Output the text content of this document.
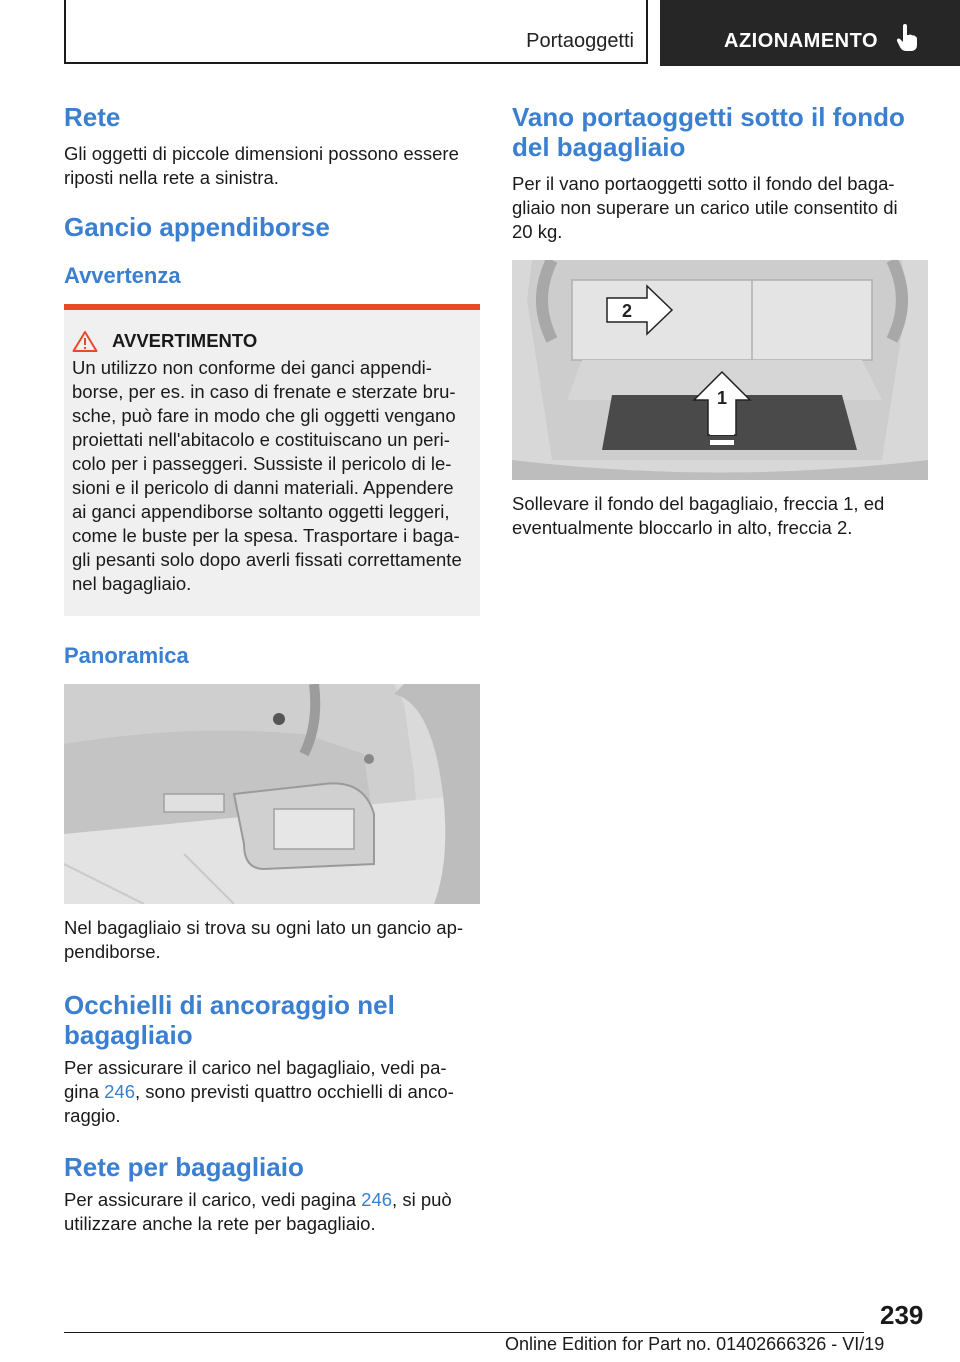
Portaoggetti	AZIONAMENTO
Rete

Gli oggetti di piccole dimensioni possono essere riposti nella rete a sinistra.

Gancio appendiborse
Avvertenza
AVVERTIMENTO

Un utilizzo non conforme dei ganci appendi-

borse, per es. in caso di frenate e sterzate bru-

sche, può fare in modo che gli oggetti vengano

proiettati nell'abitacolo e costituiscano un peri-

colo per i passeggeri. Sussiste il pericolo di le-

sioni e il pericolo di danni materiali. Appendere

ai ganci appendiborse soltanto oggetti leggeri,

come le buste per la spesa. Trasportare i baga-

gli pesanti solo dopo averli fissati correttamente

nel bagagliaio.

Panoramica

Nel bagagliaio si trova su ogni lato un gancio ap-

pendiborse.

Occhielli di ancoraggio nel
bagagliaio

Per assicurare il carico nel bagagliaio, vedi pa-

gina 246, sono previsti quattro occhielli di anco-

raggio.

Rete per bagagliaio

Per assicurare il carico, vedi pagina 246, si può

utilizzare anche la rete per bagagliaio.

Vano portaoggetti sotto il fondo
del bagagliaio

Per il vano portaoggetti sotto il fondo del baga-

gliaio non superare un carico utile consentito di

20 kg.

2
1

Sollevare il fondo del bagagliaio, freccia 1, ed

eventualmente bloccarlo in alto, freccia 2.

239
Online Edition for Part no. 01402666326 - VI/19
